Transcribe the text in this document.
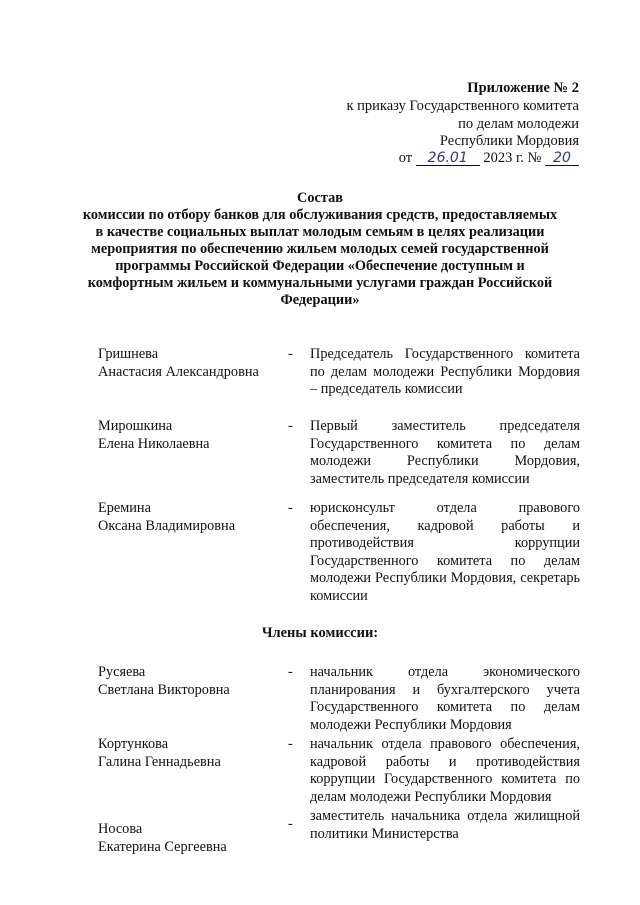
Приложение № 2
к приказу Государственного комитета
по делам молодежи
Республики Мордовия
от 26.01 2023 г. № 20
Состав
комиссии по отбору банков для обслуживания средств, предоставляемых в качестве социальных выплат молодым семьям в целях реализации мероприятия по обеспечению жильем молодых семей государственной программы Российской Федерации «Обеспечение доступным и комфортным жильем и коммунальными услугами граждан Российской Федерации»
Гришнева
Анастасия Александровна
- Председатель Государственного комитета по делам молодежи Республики Мордовия – председатель комиссии
Мирошкина
Елена Николаевна
- Первый заместитель председателя Государственного комитета по делам молодежи Республики Мордовия, заместитель председателя комиссии
Еремина
Оксана Владимировна
- юрисконсульт отдела правового обеспечения, кадровой работы и противодействия коррупции Государственного комитета по делам молодежи Республики Мордовия, секретарь комиссии
Члены комиссии:
Русяева
Светлана Викторовна
- начальник отдела экономического планирования и бухгалтерского учета Государственного комитета по делам молодежи Республики Мордовия
Кортункова
Галина Геннадьевна
- начальник отдела правового обеспечения, кадровой работы и противодействия коррупции Государственного комитета по делам молодежи Республики Мордовия
Носова
Екатерина Сергеевна
- заместитель начальника отдела жилищной политики Министерства
